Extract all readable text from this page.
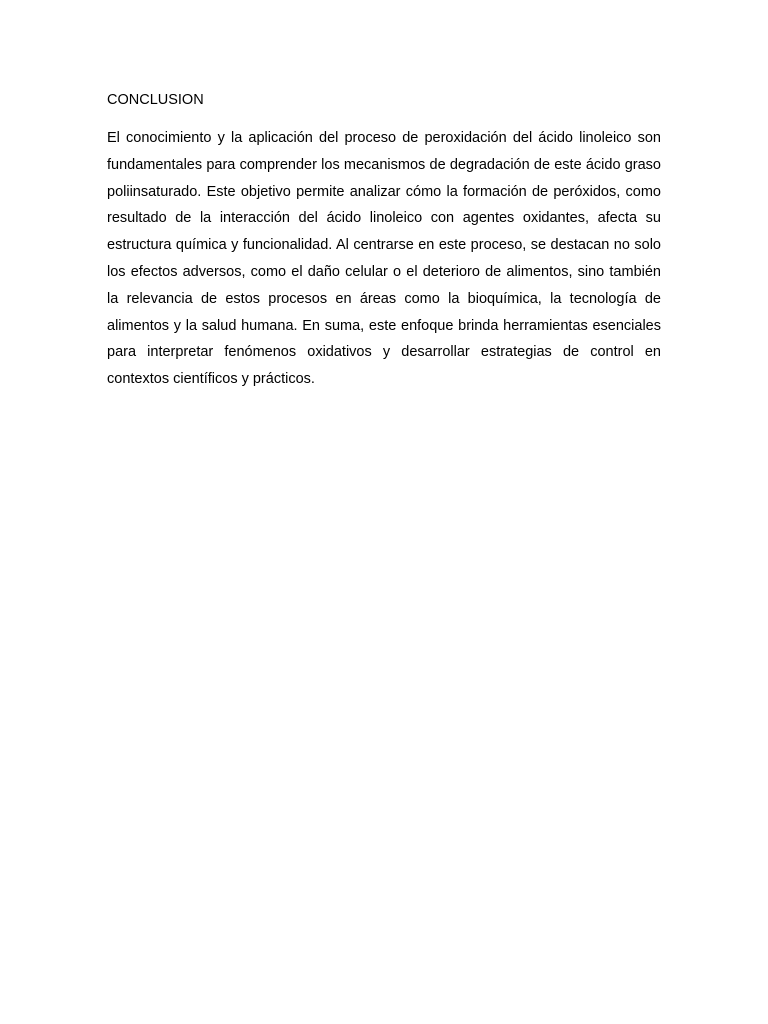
CONCLUSION

El conocimiento y la aplicación del proceso de peroxidación del ácido linoleico son fundamentales para comprender los mecanismos de degradación de este ácido graso poliinsaturado. Este objetivo permite analizar cómo la formación de peróxidos, como resultado de la interacción del ácido linoleico con agentes oxidantes, afecta su estructura química y funcionalidad. Al centrarse en este proceso, se destacan no solo los efectos adversos, como el daño celular o el deterioro de alimentos, sino también la relevancia de estos procesos en áreas como la bioquímica, la tecnología de alimentos y la salud humana. En suma, este enfoque brinda herramientas esenciales para interpretar fenómenos oxidativos y desarrollar estrategias de control en contextos científicos y prácticos.
